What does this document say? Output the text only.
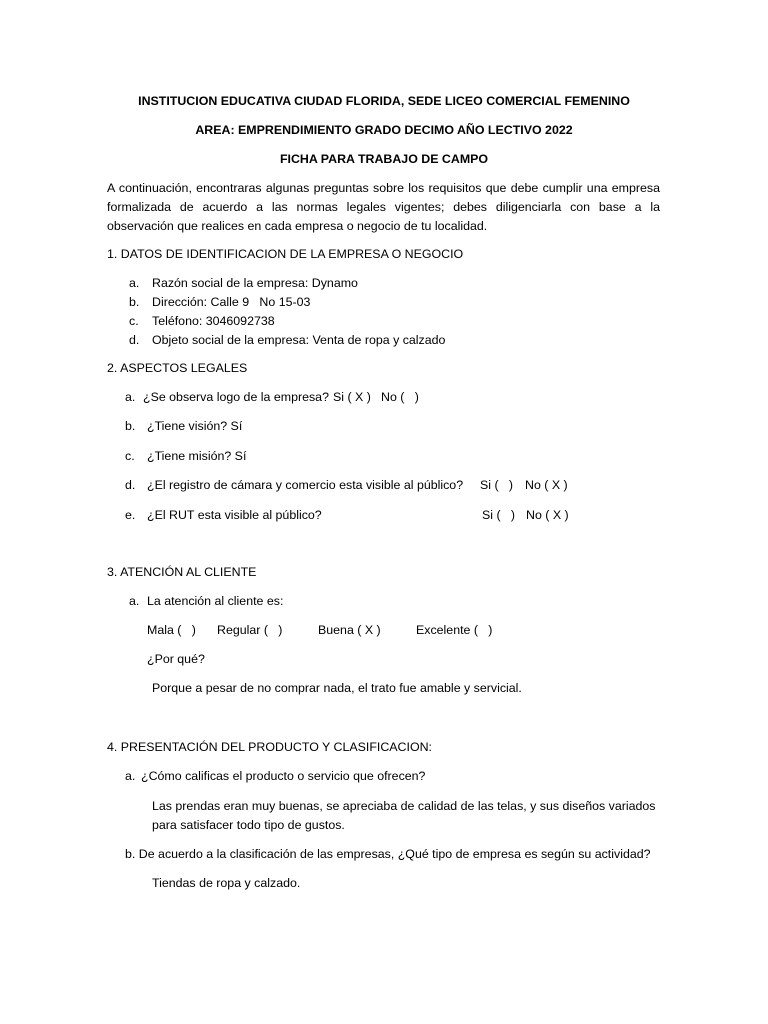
INSTITUCION EDUCATIVA CIUDAD FLORIDA, SEDE LICEO COMERCIAL FEMENINO
AREA: EMPRENDIMIENTO GRADO DECIMO AÑO LECTIVO 2022
FICHA PARA TRABAJO DE CAMPO
A continuación, encontraras algunas preguntas sobre los requisitos que debe cumplir una empresa
formalizada de acuerdo a las normas legales vigentes; debes diligenciarla con base a la
observación que realices en cada empresa o negocio de tu localidad.
1. DATOS DE IDENTIFICACION DE LA EMPRESA O NEGOCIO
a. Razón social de la empresa: Dynamo
b. Dirección: Calle 9   No 15-03
c. Teléfono: 3046092738
d. Objeto social de la empresa: Venta de ropa y calzado
2. ASPECTOS LEGALES
a. ¿Se observa logo de la empresa? Si ( X ) No (   )
b. ¿Tiene visión? Sí
c. ¿Tiene misión? Sí
d. ¿El registro de cámara y comercio esta visible al público? Si (   ) No ( X )
e. ¿El RUT esta visible al público?	Si (   ) No ( X )
3. ATENCIÓN AL CLIENTE
a. La atención al cliente es:
Mala (   ) Regular (   )	Buena ( X )	Excelente (   )
¿Por qué?
Porque a pesar de no comprar nada, el trato fue amable y servicial.
4. PRESENTACIÓN DEL PRODUCTO Y CLASIFICACION:
a. ¿Cómo calificas el producto o servicio que ofrecen?
Las prendas eran muy buenas, se apreciaba de calidad de las telas, y sus diseños variados
para satisfacer todo tipo de gustos.
b. De acuerdo a la clasificación de las empresas, ¿Qué tipo de empresa es según su actividad?
Tiendas de ropa y calzado.
